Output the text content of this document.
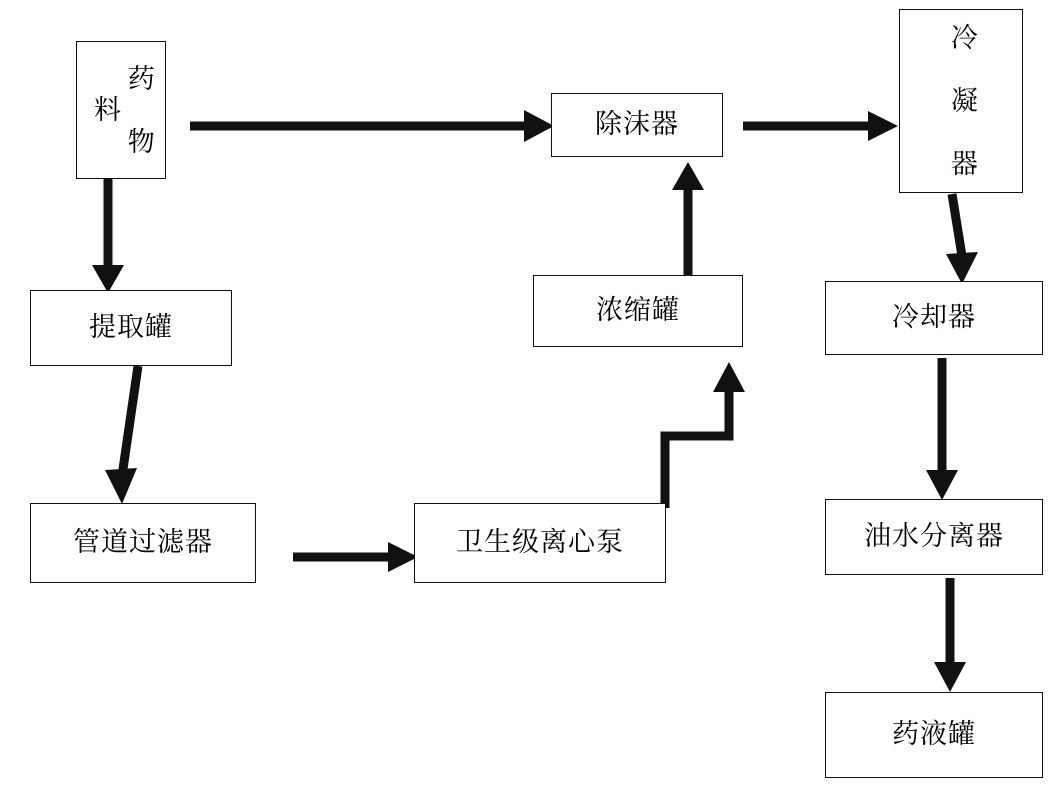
药 物 料
提取罐
管道过滤器	卫生级离心泵
浓缩罐
除沫器	冷 凝 器
冷却器
油水分离器
药液罐
